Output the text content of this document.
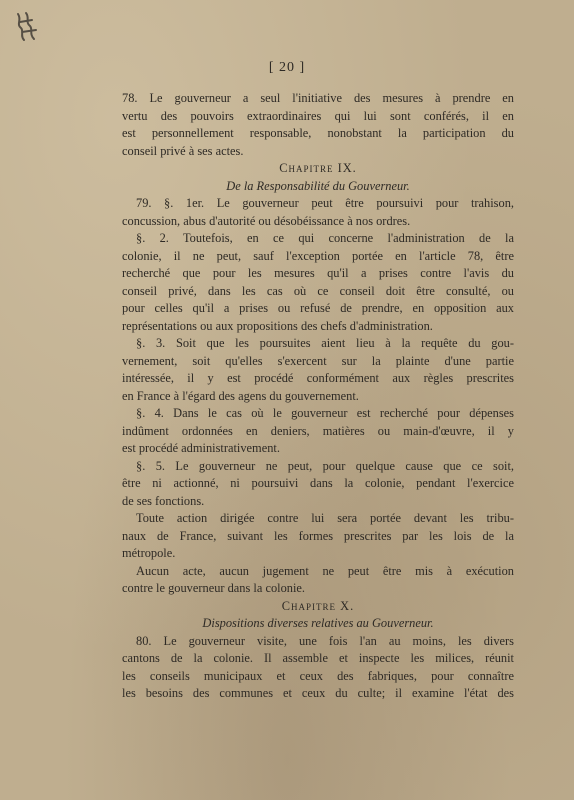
[ 20 ]
78. Le gouverneur a seul l'initiative des mesures à prendre en
vertu des pouvoirs extraordinaires qui lui sont conférés, il en
est personnellement responsable, nonobstant la participation du
conseil privé à ses actes.
Chapitre IX.
De la Responsabilité du Gouverneur.
79. §. 1er. Le gouverneur peut être poursuivi pour trahison,
concussion, abus d'autorité ou désobéissance à nos ordres.
§. 2. Toutefois, en ce qui concerne l'administration de la
colonie, il ne peut, sauf l'exception portée en l'article 78, être
recherché que pour les mesures qu'il a prises contre l'avis du
conseil privé, dans les cas où ce conseil doit être consulté, ou
pour celles qu'il a prises ou refusé de prendre, en opposition aux
représentations ou aux propositions des chefs d'administration.
§. 3. Soit que les poursuites aient lieu à la requête du gou-
vernement, soit qu'elles s'exercent sur la plainte d'une partie
intéressée, il y est procédé conformément aux règles prescrites
en France à l'égard des agens du gouvernement.
§. 4. Dans le cas où le gouverneur est recherché pour dépenses
indûment ordonnées en deniers, matières ou main-d'œuvre, il y
est procédé administrativement.
§. 5. Le gouverneur ne peut, pour quelque cause que ce soit,
être ni actionné, ni poursuivi dans la colonie, pendant l'exercice
de ses fonctions.
Toute action dirigée contre lui sera portée devant les tribu-
naux de France, suivant les formes prescrites par les lois de la
métropole.
Aucun acte, aucun jugement ne peut être mis à exécution
contre le gouverneur dans la colonie.
Chapitre X.
Dispositions diverses relatives au Gouverneur.
80. Le gouverneur visite, une fois l'an au moins, les divers
cantons de la colonie. Il assemble et inspecte les milices, réunit
les conseils municipaux et ceux des fabriques, pour connaître
les besoins des communes et ceux du culte; il examine l'état des
